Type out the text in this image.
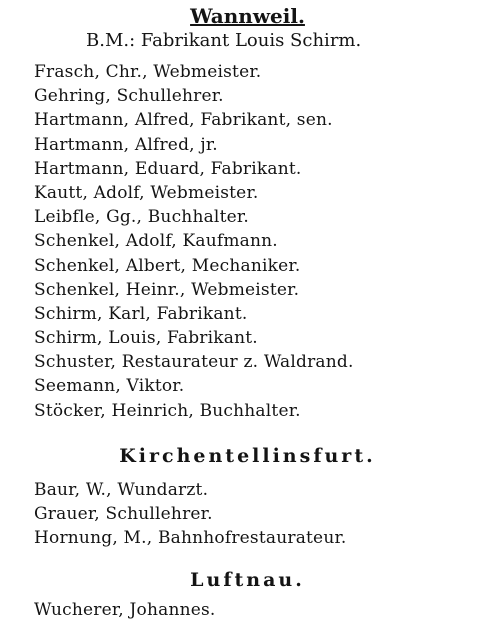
Wannweil.
B.M.: Fabrikant Louis Schirm.
Frasch, Chr., Webmeister.
Gehring, Schullehrer.
Hartmann, Alfred, Fabrikant, sen.
Hartmann, Alfred, jr.
Hartmann, Eduard, Fabrikant.
Kautt, Adolf, Webmeister.
Leibfle, Gg., Buchhalter.
Schenkel, Adolf, Kaufmann.
Schenkel, Albert, Mechaniker.
Schenkel, Heinr., Webmeister.
Schirm, Karl, Fabrikant.
Schirm, Louis, Fabrikant.
Schuster, Restaurateur z. Waldrand.
Seemann, Viktor.
Stöcker, Heinrich, Buchhalter.
Kirchentellinsfurt.
Baur, W., Wundarzt.
Grauer, Schullehrer.
Hornung, M., Bahnhofrestaurateur.
Luftnau.
Wucherer, Johannes.
